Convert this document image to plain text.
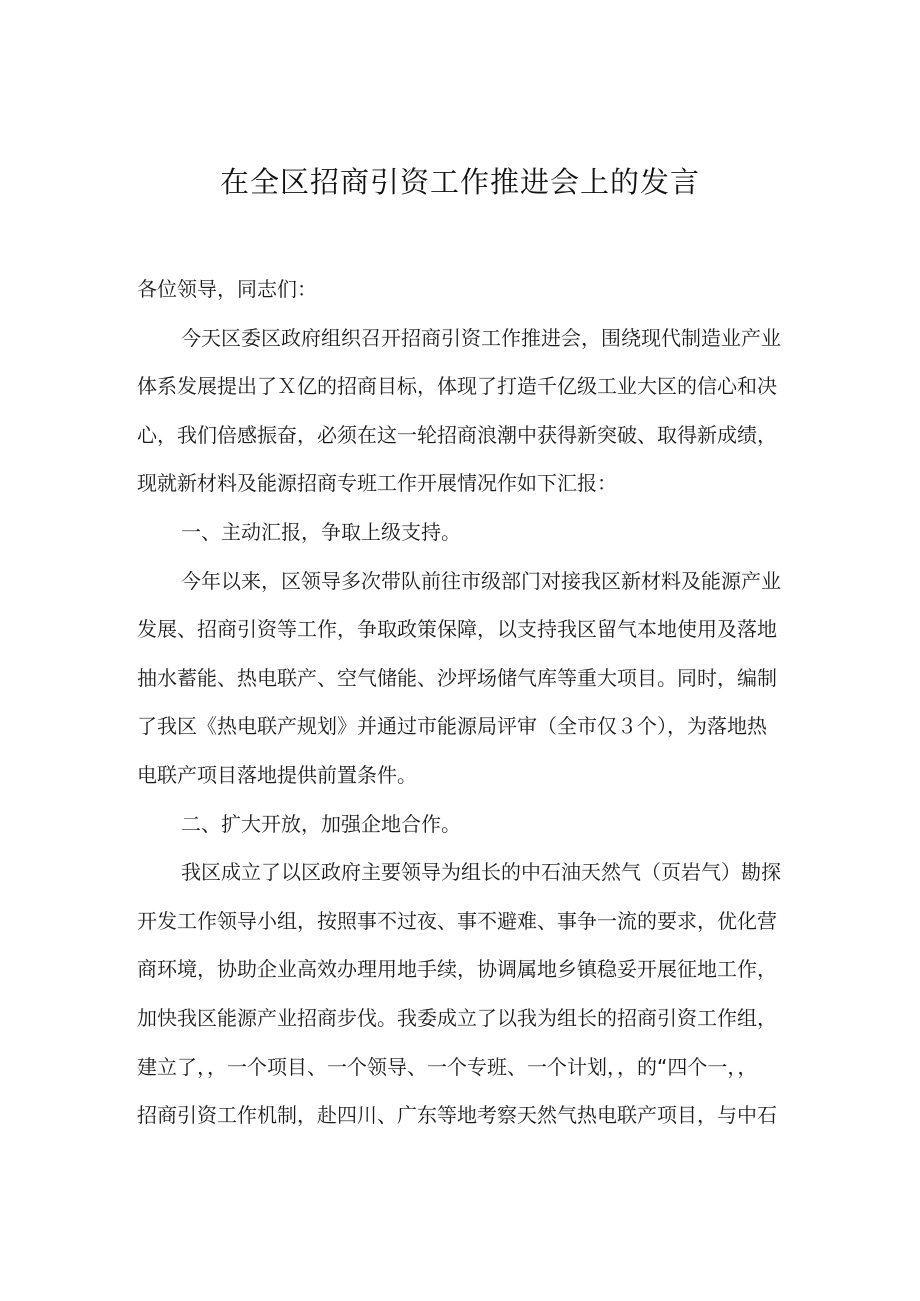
在全区招商引资工作推进会上的发言
各位领导，同志们：
今天区委区政府组织召开招商引资工作推进会，围绕现代制造业产业
体系发展提出了Ｘ亿的招商目标，体现了打造千亿级工业大区的信心和决
心，我们倍感振奋，必须在这一轮招商浪潮中获得新突破、取得新成绩，
现就新材料及能源招商专班工作开展情况作如下汇报：
一、主动汇报，争取上级支持。
今年以来，区领导多次带队前往市级部门对接我区新材料及能源产业
发展、招商引资等工作，争取政策保障，以支持我区留气本地使用及落地
抽水蓄能、热电联产、空气储能、沙坪场储气库等重大项目。同时，编制
了我区《热电联产规划》并通过市能源局评审（全市仅３个），为落地热
电联产项目落地提供前置条件。
二、扩大开放，加强企地合作。
我区成立了以区政府主要领导为组长的中石油天然气（页岩气）勘探
开发工作领导小组，按照事不过夜、事不避难、事争一流的要求，优化营
商环境，协助企业高效办理用地手续，协调属地乡镇稳妥开展征地工作，
加快我区能源产业招商步伐。我委成立了以我为组长的招商引资工作组，
建立了，，一个项目、一个领导、一个专班、一个计划，，的“四个一，，
招商引资工作机制，赴四川、广东等地考察天然气热电联产项目，与中石
